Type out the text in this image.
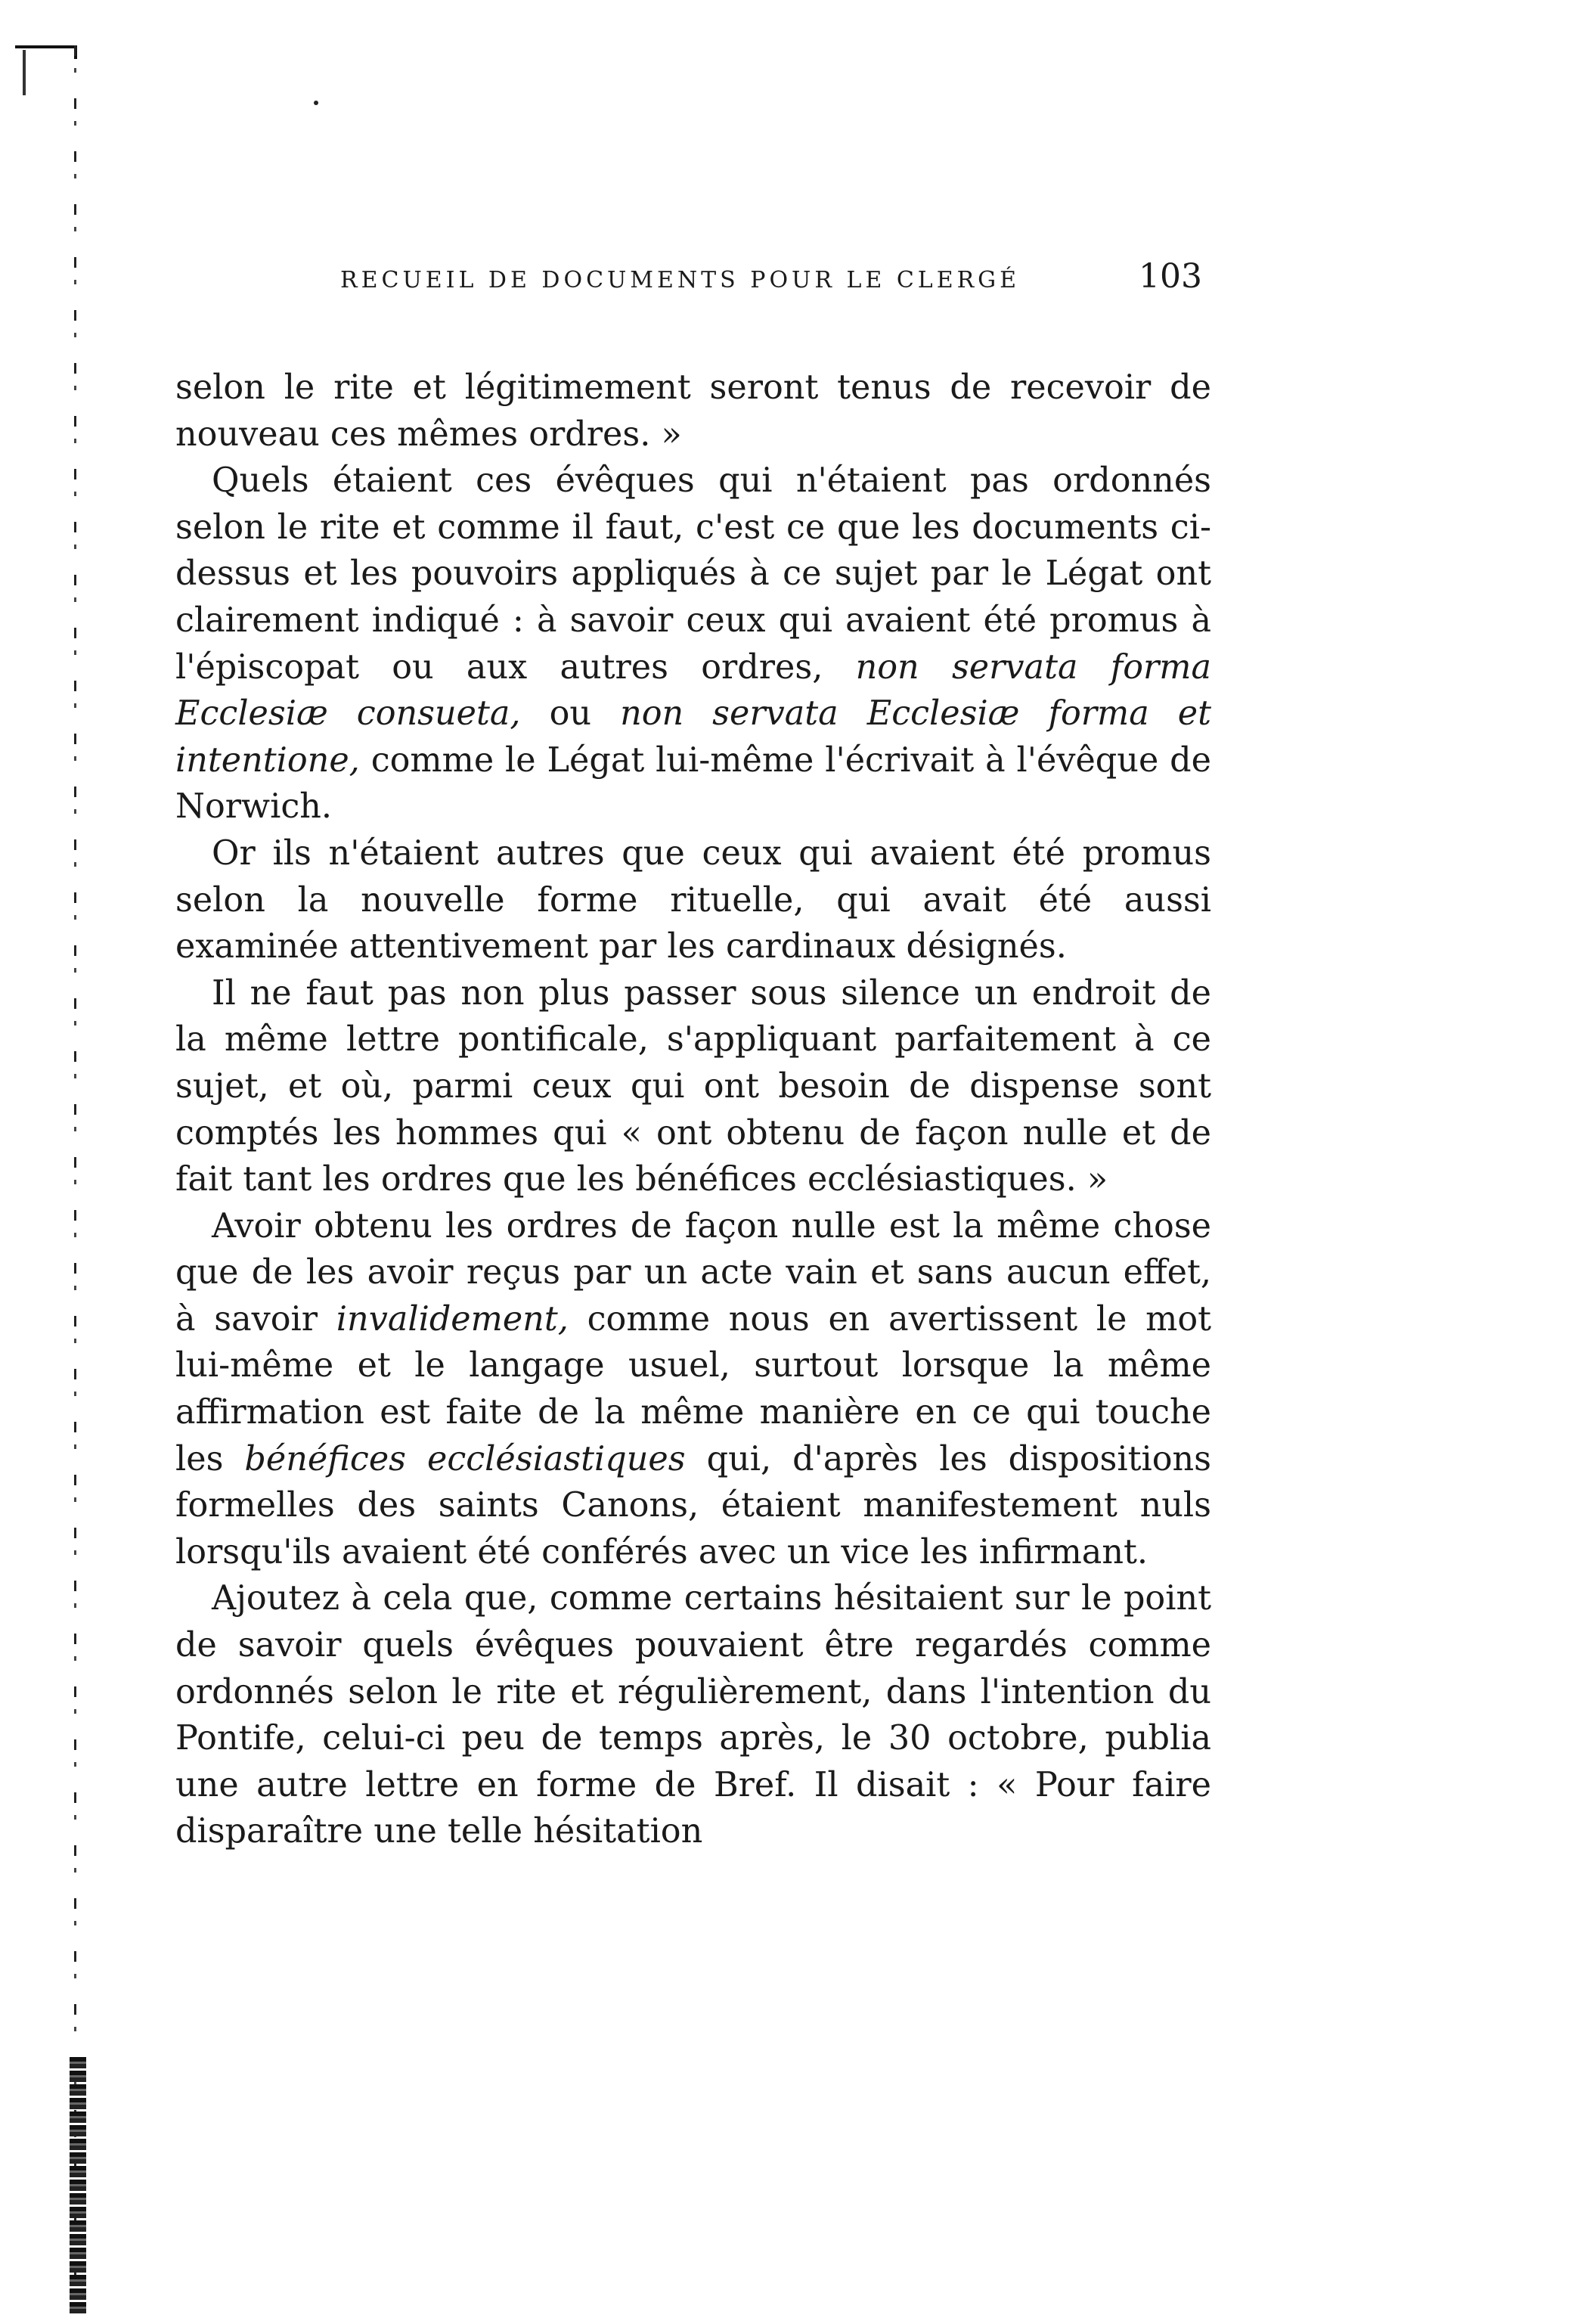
RECUEIL DE DOCUMENTS POUR LE CLERGÉ	103

selon le rite et légitimement seront tenus de recevoir de nouveau ces mêmes ordres. »

Quels étaient ces évêques qui n'étaient pas ordonnés selon le rite et comme il faut, c'est ce que les documents ci-dessus et les pouvoirs appliqués à ce sujet par le Légat ont clairement indiqué : à savoir ceux qui avaient été promus à l'épiscopat ou aux autres ordres, non servata forma Ecclesiæ consueta, ou non servata Ecclesiæ forma et intentione, comme le Légat lui-même l'écrivait à l'évêque de Norwich.

Or ils n'étaient autres que ceux qui avaient été promus selon la nouvelle forme rituelle, qui avait été aussi examinée attentivement par les cardinaux désignés.

Il ne faut pas non plus passer sous silence un endroit de la même lettre pontificale, s'appliquant parfaitement à ce sujet, et où, parmi ceux qui ont besoin de dispense sont comptés les hommes qui « ont obtenu de façon nulle et de fait tant les ordres que les bénéfices ecclésiastiques. »

Avoir obtenu les ordres de façon nulle est la même chose que de les avoir reçus par un acte vain et sans aucun effet, à savoir invalidement, comme nous en avertissent le mot lui-même et le langage usuel, surtout lorsque la même affirmation est faite de la même manière en ce qui touche les bénéfices ecclésiastiques qui, d'après les dispositions formelles des saints Canons, étaient manifestement nuls lorsqu'ils avaient été conférés avec un vice les infirmant.

Ajoutez à cela que, comme certains hésitaient sur le point de savoir quels évêques pouvaient être regardés comme ordonnés selon le rite et régulièrement, dans l'intention du Pontife, celui-ci peu de temps après, le 30 octobre, publia une autre lettre en forme de Bref. Il disait : « Pour faire disparaître une telle hésitation
